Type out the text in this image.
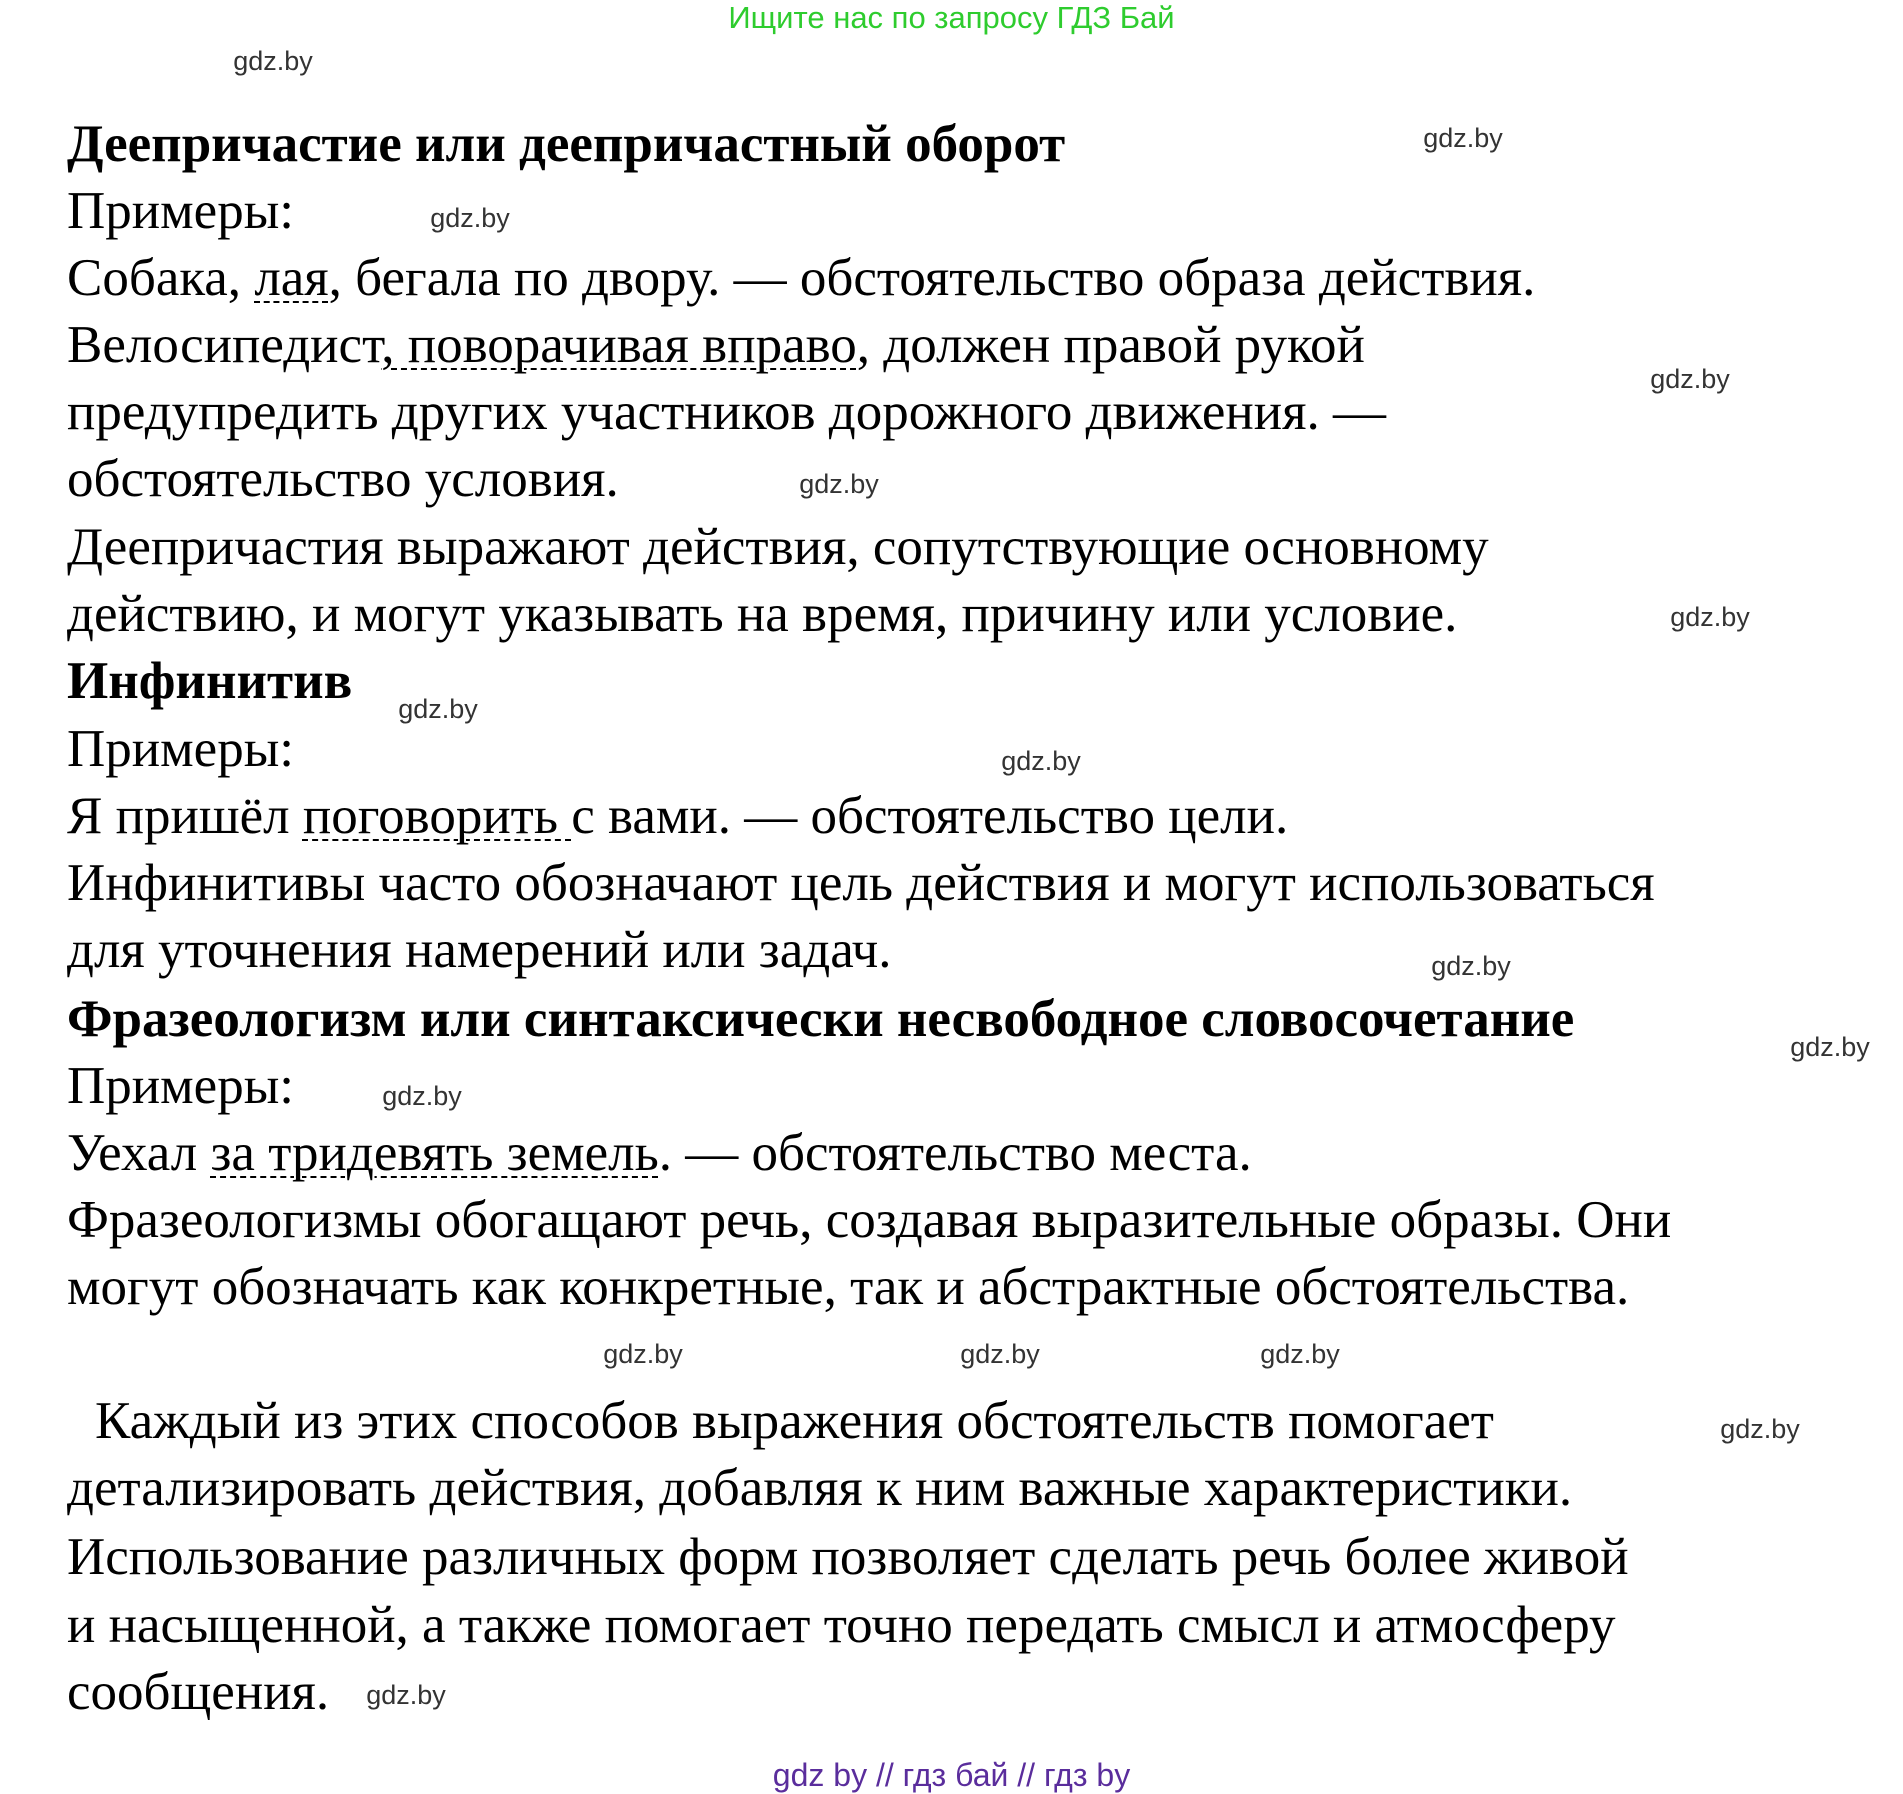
Ищите нас по запросу ГДЗ Бай
Деепричастие или деепричастный оборот
Примеры:
Собака, лая, бегала по двору. — обстоятельство образа действия.
Велосипедист, поворачивая вправо, должен правой рукой
предупредить других участников дорожного движения. —
обстоятельство условия.
Деепричастия выражают действия, сопутствующие основному
действию, и могут указывать на время, причину или условие.
Инфинитив
Примеры:
Я пришёл поговорить с вами. — обстоятельство цели.
Инфинитивы часто обозначают цель действия и могут использоваться
для уточнения намерений или задач.
Фразеологизм или синтаксически несвободное словосочетание
Примеры:
Уехал за тридевять земель. — обстоятельство места.
Фразеологизмы обогащают речь, создавая выразительные образы. Они
могут обозначать как конкретные, так и абстрактные обстоятельства.
Каждый из этих способов выражения обстоятельств помогает
детализировать действия, добавляя к ним важные характеристики.
Использование различных форм позволяет сделать речь более живой
и насыщенной, а также помогает точно передать смысл и атмосферу
сообщения.
gdz.by
gdz.by
gdz.by
gdz.by
gdz.by
gdz.by
gdz.by
gdz.by
gdz.by
gdz.by
gdz.by
gdz.by
gdz.by
gdz.by	gdz.by
gdz.by
gdz by // гдз бай // гдз by
